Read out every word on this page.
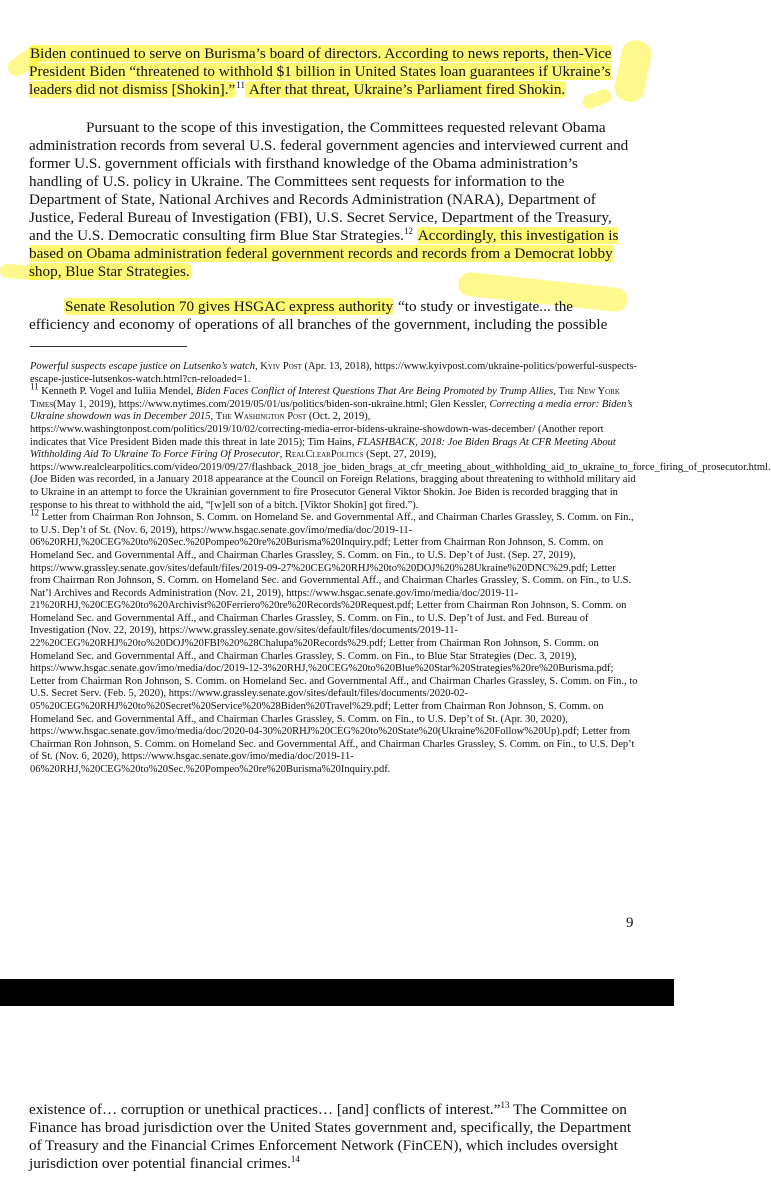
Biden continued to serve on Burisma’s board of directors. According to news reports, then-Vice President Biden “threatened to withhold $1 billion in United States loan guarantees if Ukraine’s leaders did not dismiss [Shokin].”$^{11}$ After that threat, Ukraine’s Parliament fired Shokin.
Pursuant to the scope of this investigation, the Committees requested relevant Obama administration records from several U.S. federal government agencies and interviewed current and former U.S. government officials with firsthand knowledge of the Obama administration’s handling of U.S. policy in Ukraine. The Committees sent requests for information to the Department of State, National Archives and Records Administration (NARA), Department of Justice, Federal Bureau of Investigation (FBI), U.S. Secret Service, Department of the Treasury, and the U.S. Democratic consulting firm Blue Star Strategies.$^{12}$ Accordingly, this investigation is based on Obama administration federal government records and records from a Democrat lobby shop, Blue Star Strategies.
Senate Resolution 70 gives HSGAC express authority “to study or investigate... the efficiency and economy of operations of all branches of the government, including the possible

Powerful suspects escape justice on Lutsenko’s watch, Kyiv Post (Apr. 13, 2018), https://www.kyivpost.com/ukraine-politics/powerful-suspects-escape-justice-lutsenkos-watch.html?cn-reloaded=1.

$^{11}$ Kenneth P. Vogel and Iuliia Mendel, Biden Faces Conflict of Interest Questions That Are Being Promoted by Trump Allies, The New York Times(May 1, 2019), https://www.nytimes.com/2019/05/01/us/politics/biden-son-ukraine.html; Glen Kessler, Correcting a media error: Biden’s Ukraine showdown was in December 2015, The Washington Post (Oct. 2, 2019), https://www.washingtonpost.com/politics/2019/10/02/correcting-media-error-bidens-ukraine-showdown-was-december/ (Another report indicates that Vice President Biden made this threat in late 2015); Tim Hains, FLASHBACK, 2018: Joe Biden Brags At CFR Meeting About Withholding Aid To Ukraine To Force Firing Of Prosecutor, RealClearPolitics (Sept. 27, 2019), https://www.realclearpolitics.com/video/2019/09/27/flashback_2018_joe_biden_brags_at_cfr_meeting_about_withholding_aid_to_ukraine_to_force_firing_of_prosecutor.html. (Joe Biden was recorded, in a January 2018 appearance at the Council on Foreign Relations, bragging about threatening to withhold military aid to Ukraine in an attempt to force the Ukrainian government to fire Prosecutor General Viktor Shokin. Joe Biden is recorded bragging that in response to his threat to withhold the aid, “[w]ell son of a bitch. [Viktor Shokin] got fired.”).

$^{12}$ Letter from Chairman Ron Johnson, S. Comm. on Homeland Se. and Governmental Aff., and Chairman Charles Grassley, S. Comm. on Fin., to U.S. Dep’t of St. (Nov. 6, 2019), https://www.hsgac.senate.gov/imo/media/doc/2019-11-06%20RHJ,%20CEG%20to%20Sec.%20Pompeo%20re%20Burisma%20Inquiry.pdf; Letter from Chairman Ron Johnson, S. Comm. on Homeland Sec. and Governmental Aff., and Chairman Charles Grassley, S. Comm. on Fin., to U.S. Dep’t of Just. (Sep. 27, 2019), https://www.grassley.senate.gov/sites/default/files/2019-09-27%20CEG%20RHJ%20to%20DOJ%20%28Ukraine%20DNC%29.pdf; Letter from Chairman Ron Johnson, S. Comm. on Homeland Sec. and Governmental Aff., and Chairman Charles Grassley, S. Comm. on Fin., to U.S. Nat’l Archives and Records Administration (Nov. 21, 2019), https://www.hsgac.senate.gov/imo/media/doc/2019-11-21%20RHJ,%20CEG%20to%20Archivist%20Ferriero%20re%20Records%20Request.pdf; Letter from Chairman Ron Johnson, S. Comm. on Homeland Sec. and Governmental Aff., and Chairman Charles Grassley, S. Comm. on Fin., to U.S. Dep’t of Just. and Fed. Bureau of Investigation (Nov. 22, 2019), https://www.grassley.senate.gov/sites/default/files/documents/2019-11-22%20CEG%20RHJ%20to%20DOJ%20FBI%20%28Chalupa%20Records%29.pdf; Letter from Chairman Ron Johnson, S. Comm. on Homeland Sec. and Governmental Aff., and Chairman Charles Grassley, S. Comm. on Fin., to Blue Star Strategies (Dec. 3, 2019), https://www.hsgac.senate.gov/imo/media/doc/2019-12-3%20RHJ,%20CEG%20to%20Blue%20Star%20Strategies%20re%20Burisma.pdf; Letter from Chairman Ron Johnson, S. Comm. on Homeland Sec. and Governmental Aff., and Chairman Charles Grassley, S. Comm. on Fin., to U.S. Secret Serv. (Feb. 5, 2020), https://www.grassley.senate.gov/sites/default/files/documents/2020-02-05%20CEG%20RHJ%20to%20Secret%20Service%20%28Biden%20Travel%29.pdf; Letter from Chairman Ron Johnson, S. Comm. on Homeland Sec. and Governmental Aff., and Chairman Charles Grassley, S. Comm. on Fin., to U.S. Dep’t of St. (Apr. 30, 2020), https://www.hsgac.senate.gov/imo/media/doc/2020-04-30%20RHJ%20CEG%20to%20State%20(Ukraine%20Follow%20Up).pdf; Letter from Chairman Ron Johnson, S. Comm. on Homeland Sec. and Governmental Aff., and Chairman Charles Grassley, S. Comm. on Fin., to U.S. Dep’t of St. (Nov. 6, 2020), https://www.hsgac.senate.gov/imo/media/doc/2019-11-06%20RHJ,%20CEG%20to%20Sec.%20Pompeo%20re%20Burisma%20Inquiry.pdf.

9
existence of… corruption or unethical practices… [and] conflicts of interest.”$^{13}$ The Committee on Finance has broad jurisdiction over the United States government and, specifically, the Department of Treasury and the Financial Crimes Enforcement Network (FinCEN), which includes oversight jurisdiction over potential financial crimes.$^{14}$
